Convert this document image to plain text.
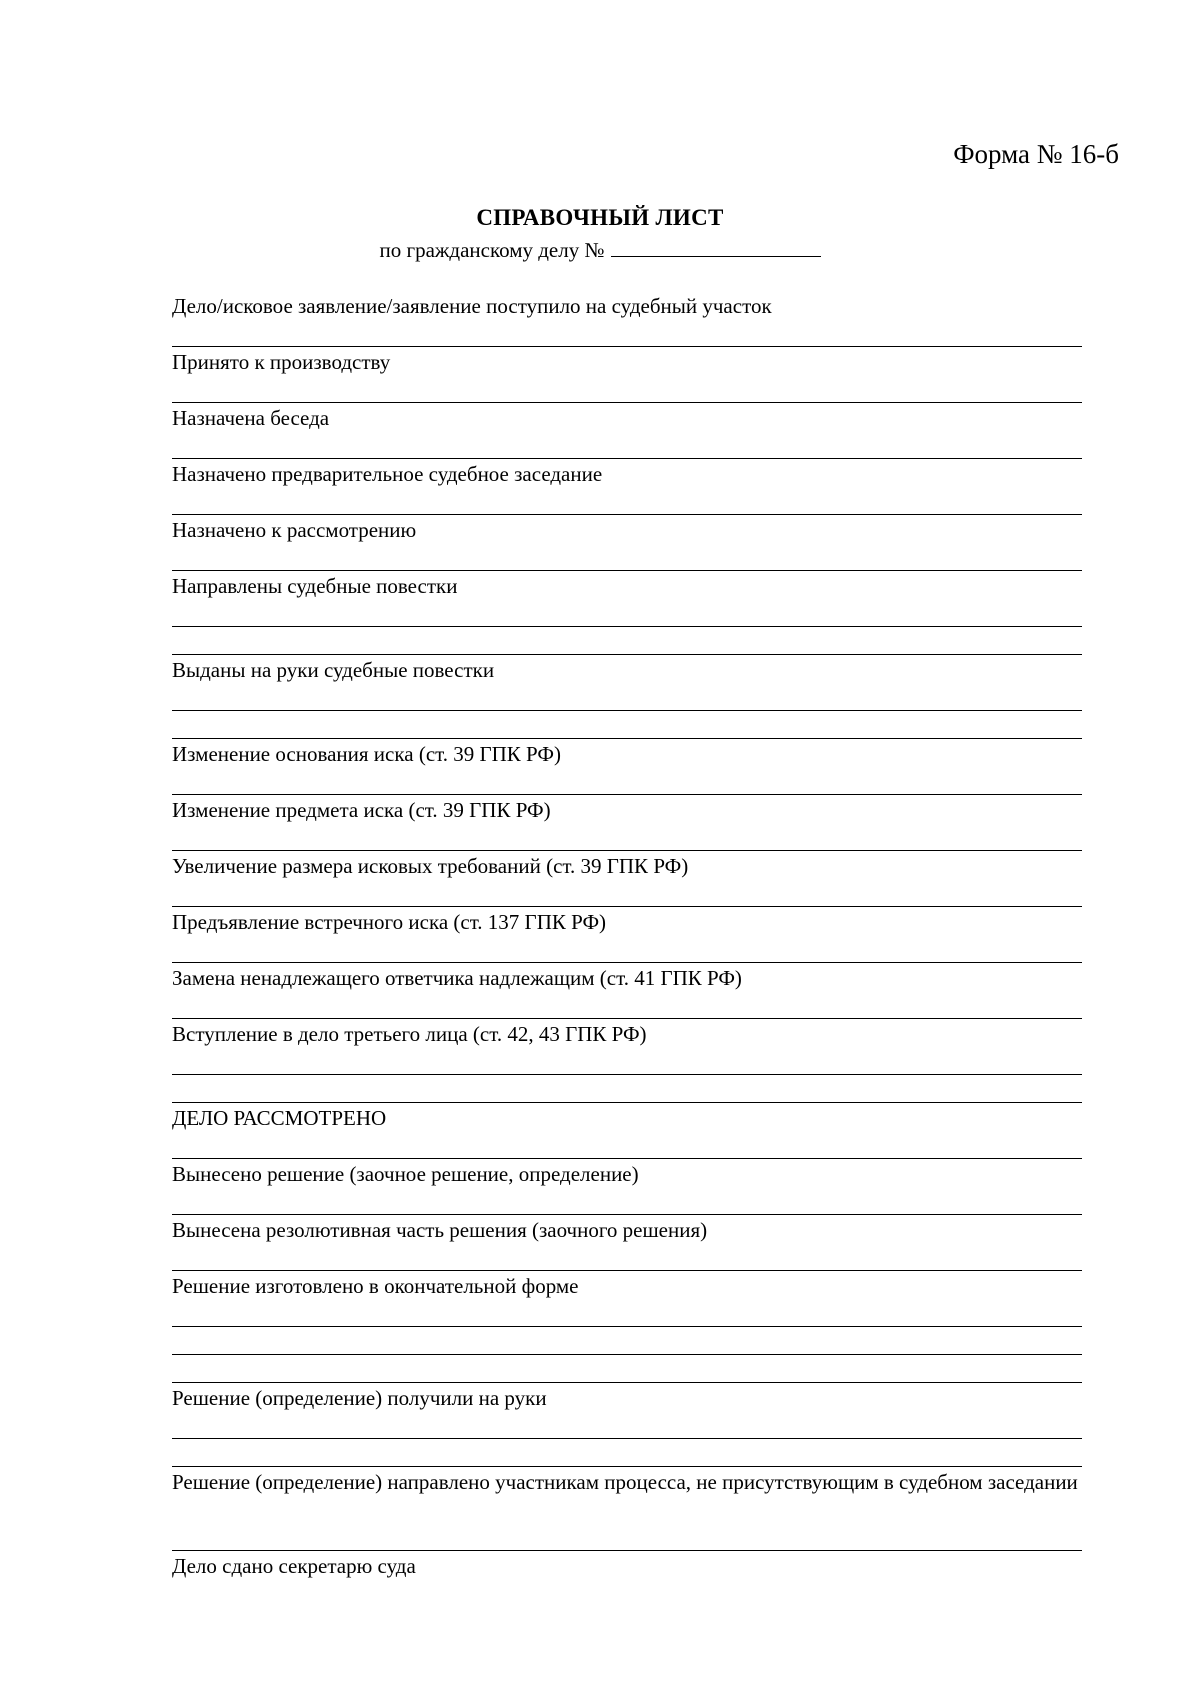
Форма № 16-б
СПРАВОЧНЫЙ ЛИСТ
по гражданскому делу №
Дело/исковое заявление/заявление поступило на судебный участок
Принято к производству
Назначена беседа
Назначено предварительное судебное заседание
Назначено к рассмотрению
Направлены судебные повестки
Выданы на руки судебные повестки
Изменение основания иска (ст. 39 ГПК РФ)
Изменение предмета иска (ст. 39 ГПК РФ)
Увеличение размера исковых требований (ст. 39 ГПК РФ)
Предъявление встречного иска (ст. 137 ГПК РФ)
Замена ненадлежащего ответчика надлежащим (ст. 41 ГПК РФ)
Вступление в дело третьего лица (ст. 42, 43 ГПК РФ)
ДЕЛО РАССМОТРЕНО
Вынесено решение (заочное решение, определение)
Вынесена резолютивная часть решения (заочного решения)
Решение изготовлено в окончательной форме
Решение (определение) получили на руки
Решение (определение) направлено участникам процесса, не присутствующим в судебном заседании
Дело сдано секретарю суда
